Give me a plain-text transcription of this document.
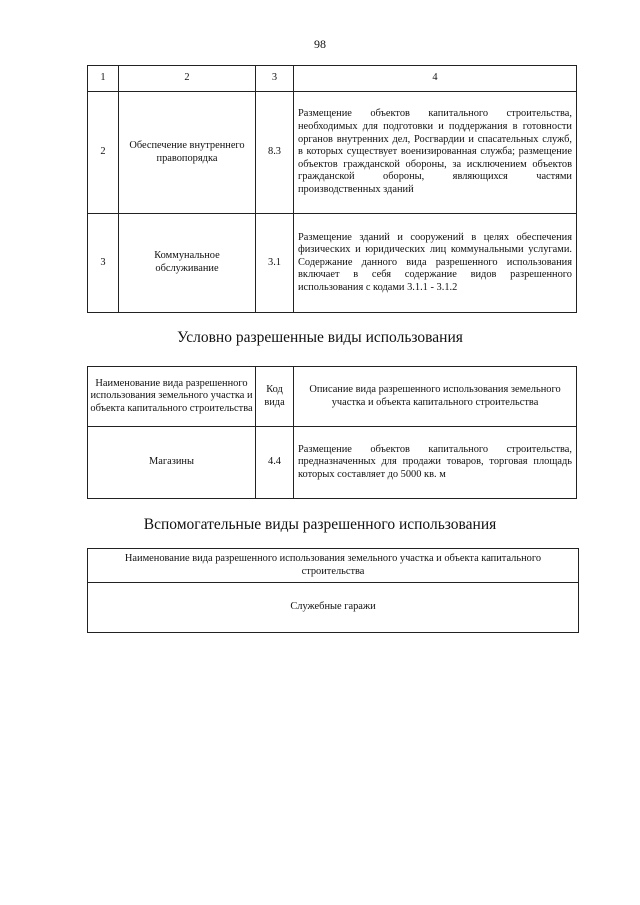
98
1	2	3	4
2	Обеспечение внутреннего правопорядка	8.3	Размещение объектов капитального строительства, необходимых для подготовки и поддержания в готовности органов внутренних дел, Росгвардии и спасательных служб, в которых существует военизированная служба; размещение объектов гражданской обороны, за исключением объектов гражданской обороны, являющихся частями производственных зданий
3	Коммунальное обслуживание	3.1	Размещение зданий и сооружений в целях обеспечения физических и юридических лиц коммунальными услугами. Содержание данного вида разрешенного использования включает в себя содержание видов разрешенного использования с кодами 3.1.1 - 3.1.2
Условно разрешенные виды использования
Наименование вида разрешенного использования земельного участка и объекта капитального строительства	Код вида	Описание вида разрешенного использования земельного участка и объекта капитального строительства
Магазины	4.4	Размещение объектов капитального строительства, предназначенных для продажи товаров, торговая площадь которых составляет до 5000 кв. м
Вспомогательные виды разрешенного использования
Наименование вида разрешенного использования земельного участка и объекта капитального строительства
Служебные гаражи
